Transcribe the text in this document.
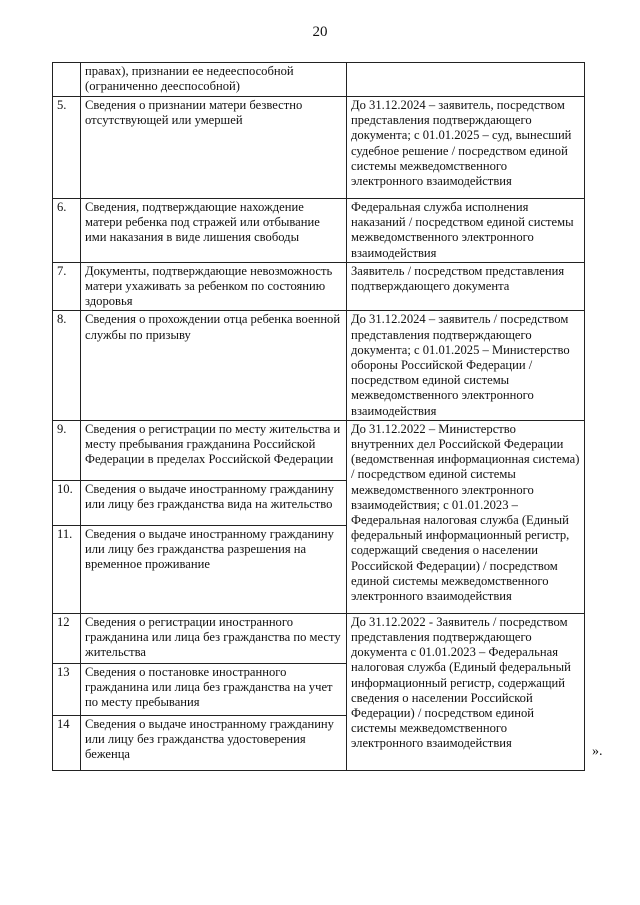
20
	правах), признании ее недееспособной (ограниченно дееспособной)	
5.	Сведения о признании матери безвестно отсутствующей или умершей	До 31.12.2024 – заявитель, посредством представления подтверждающего документа; с 01.01.2025 – суд, вынесший судебное решение / посредством единой системы межведомственного электронного взаимодействия
6.	Сведения, подтверждающие нахождение матери ребенка под стражей или отбывание ими наказания в виде лишения свободы	Федеральная служба исполнения наказаний / посредством единой системы межведомственного электронного взаимодействия
7.	Документы, подтверждающие невозможность матери ухаживать за ребенком по состоянию здоровья	Заявитель / посредством представления подтверждающего документа
8.	Сведения о прохождении отца ребенка военной службы по призыву	До 31.12.2024 – заявитель / посредством представления подтверждающего документа; с 01.01.2025 – Министерство обороны Российской Федерации / посредством единой системы межведомственного электронного взаимодействия
9.	Сведения о регистрации по месту жительства и месту пребывания гражданина Российской Федерации в пределах Российской Федерации	До 31.12.2022 – Министерство внутренних дел Российской Федерации (ведомственная информационная система) / посредством единой системы межведомственного электронного взаимодействия; с 01.01.2023 – Федеральная налоговая служба (Единый федеральный информационный регистр, содержащий сведения о населении Российской Федерации) / посредством единой системы межведомственного электронного взаимодействия
10.	Сведения о выдаче иностранному гражданину или лицу без гражданства вида на жительство	
11.	Сведения о выдаче иностранному гражданину или лицу без гражданства разрешения на временное проживание	
12	Сведения о регистрации иностранного гражданина или лица без гражданства по месту жительства	До 31.12.2022 - Заявитель / посредством представления подтверждающего документа с 01.01.2023 – Федеральная налоговая служба (Единый федеральный информационный регистр, содержащий сведения о населении Российской Федерации) / посредством единой системы межведомственного электронного взаимодействия
13	Сведения о постановке иностранного гражданина или лица без гражданства на учет по месту пребывания	
14	Сведения о выдаче иностранному гражданину или лицу без гражданства удостоверения беженца		».
